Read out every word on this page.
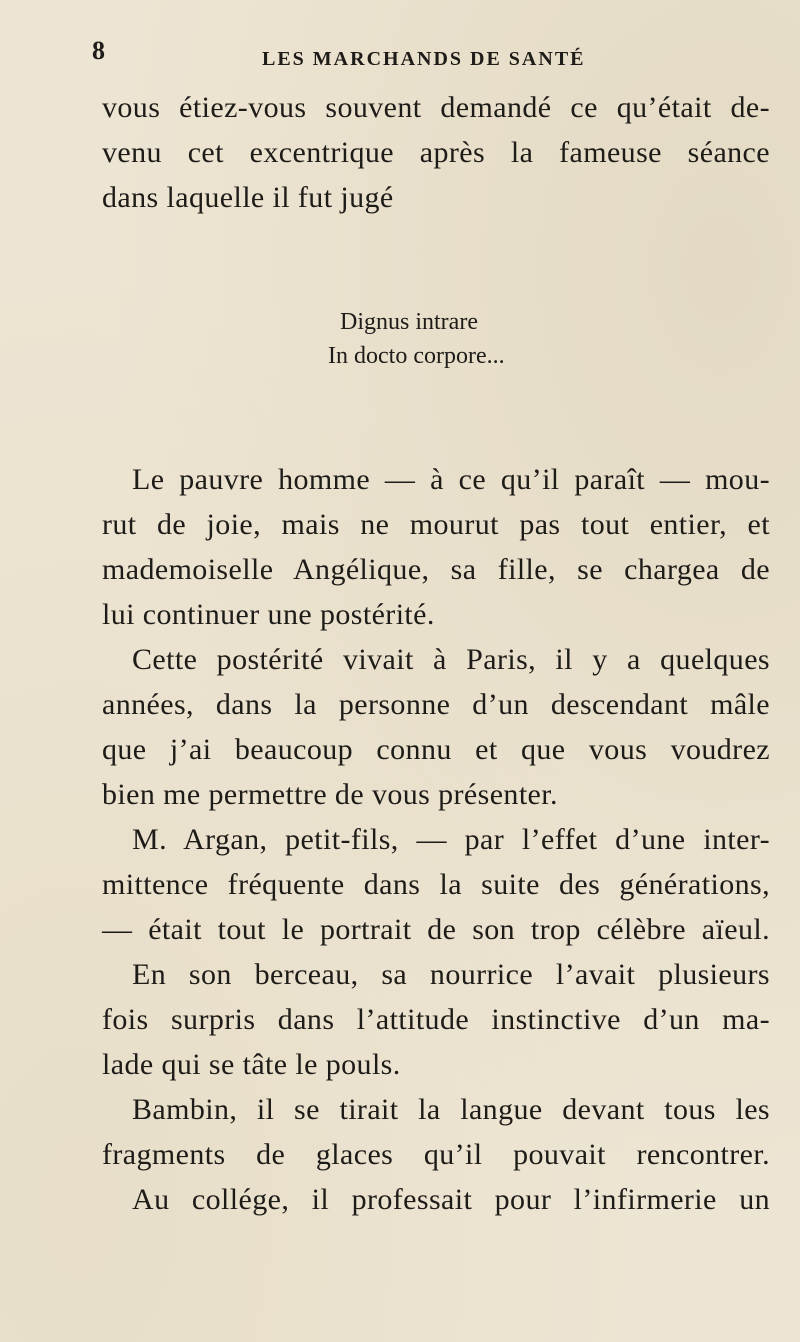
8	LES MARCHANDS DE SANTÉ
vous étiez-vous souvent demandé ce qu’était de-
venu cet excentrique après la fameuse séance
dans laquelle il fut jugé
Dignus intrare
In docto corpore...
Le pauvre homme — à ce qu’il paraît — mou-
rut de joie, mais ne mourut pas tout entier, et
mademoiselle Angélique, sa fille, se chargea de
lui continuer une postérité.
Cette postérité vivait à Paris, il y a quelques
années, dans la personne d’un descendant mâle
que j’ai beaucoup connu et que vous voudrez
bien me permettre de vous présenter.
M. Argan, petit-fils, — par l’effet d’une inter-
mittence fréquente dans la suite des générations,
— était tout le portrait de son trop célèbre aïeul.
En son berceau, sa nourrice l’avait plusieurs
fois surpris dans l’attitude instinctive d’un ma-
lade qui se tâte le pouls.
Bambin, il se tirait la langue devant tous les
fragments de glaces qu’il pouvait rencontrer.
Au collége, il professait pour l’infirmerie un
